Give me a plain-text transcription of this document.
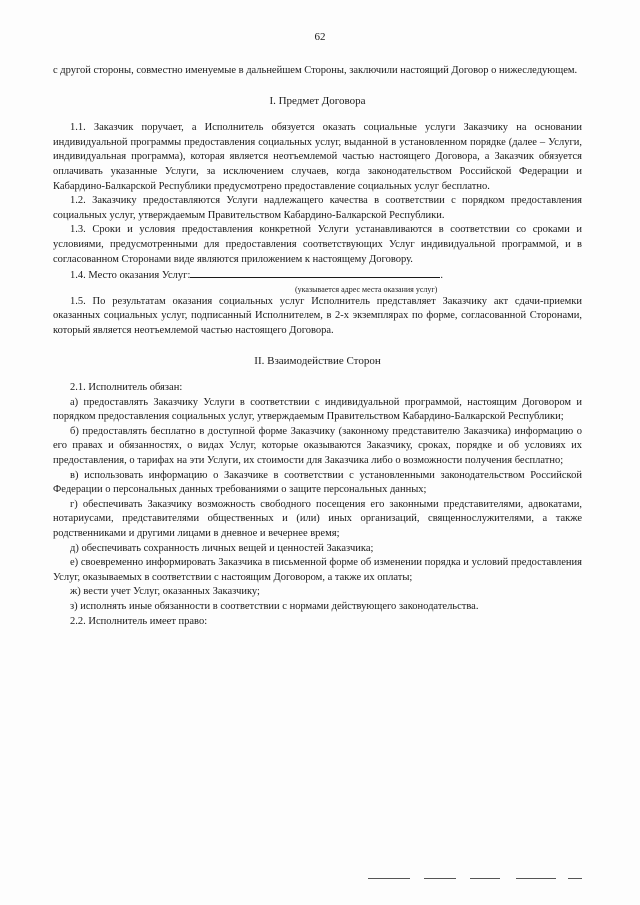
62

с другой стороны, совместно именуемые в дальнейшем Стороны, заключили настоящий Договор о нижеследующем.

I. Предмет Договора

1.1. Заказчик поручает, а Исполнитель обязуется оказать социальные услуги Заказчику на основании индивидуальной программы предоставления социальных услуг, выданной в установленном порядке (далее – Услуги, индивидуальная программа), которая является неотъемлемой частью настоящего Договора, а Заказчик обязуется оплачивать указанные Услуги, за исключением случаев, когда законодательством Российской Федерации и Кабардино-Балкарской Республики предусмотрено предоставление социальных услуг бесплатно.

1.2. Заказчику предоставляются Услуги надлежащего качества в соответствии с порядком предоставления социальных услуг, утверждаемым Правительством Кабардино-Балкарской Республики.

1.3. Сроки и условия предоставления конкретной Услуги устанавливаются в соответствии со сроками и условиями, предусмотренными для предоставления соответствующих Услуг индивидуальной программой, и в согласованном Сторонами виде являются приложением к настоящему Договору.

1.4. Место оказания Услуг:	.

(указывается адрес места оказания услуг)

1.5. По результатам оказания социальных услуг Исполнитель представляет Заказчику акт сдачи-приемки оказанных социальных услуг, подписанный Исполнителем, в 2-х экземплярах по форме, согласованной Сторонами, который является неотъемлемой частью настоящего Договора.

II. Взаимодействие Сторон

2.1. Исполнитель обязан:

а) предоставлять Заказчику Услуги в соответствии с индивидуальной программой, настоящим Договором и порядком предоставления социальных услуг, утверждаемым Правительством Кабардино-Балкарской Республики;

б) предоставлять бесплатно в доступной форме Заказчику (законному представителю Заказчика) информацию о его правах и обязанностях, о видах Услуг, которые оказываются Заказчику, сроках, порядке и об условиях их предоставления, о тарифах на эти Услуги, их стоимости для Заказчика либо о возможности получения бесплатно;

в) использовать информацию о Заказчике в соответствии с установленными законодательством Российской Федерации о персональных данных требованиями о защите персональных данных;

г) обеспечивать Заказчику возможность свободного посещения его законными представителями, адвокатами, нотариусами, представителями общественных и (или) иных организаций, священнослужителями, а также родственниками и другими лицами в дневное и вечернее время;

д) обеспечивать сохранность личных вещей и ценностей Заказчика;

е) своевременно информировать Заказчика в письменной форме об изменении порядка и условий предоставления Услуг, оказываемых в соответствии с настоящим Договором, а также их оплаты;

ж) вести учет Услуг, оказанных Заказчику;

з) исполнять иные обязанности в соответствии с нормами действующего законодательства.

2.2. Исполнитель имеет право:
